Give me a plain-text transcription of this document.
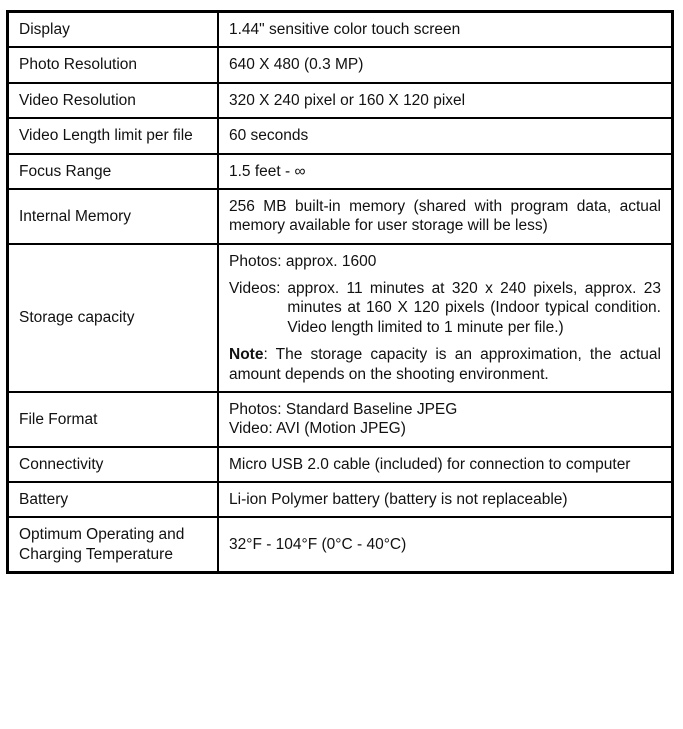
Display	1.44" sensitive color touch screen
Photo Resolution	640 X 480 (0.3 MP)
Video Resolution	320 X 240 pixel or 160 X 120 pixel
Video Length limit per file	60 seconds
Focus Range	1.5 feet - ∞
Internal Memory	256 MB built-in memory (shared with program data, actual memory available for user storage will be less)

Storage capacity	Photos: approx. 1600

Videos: approx. 11 minutes at 320 x 240 pixels, approx. 23 minutes at 160 X 120 pixels (Indoor typical condition. Video length limited to 1 minute per file.)

Note: The storage capacity is an approximation, the actual amount depends on the shooting environment.

File Format	Photos: Standard Baseline JPEG

Video: AVI (Motion JPEG)

Connectivity	Micro USB 2.0 cable (included) for connection to computer

Battery	Li-ion Polymer battery (battery is not replaceable)
Optimum Operating and Charging Temperature	32°F - 104°F (0°C - 40°C)
